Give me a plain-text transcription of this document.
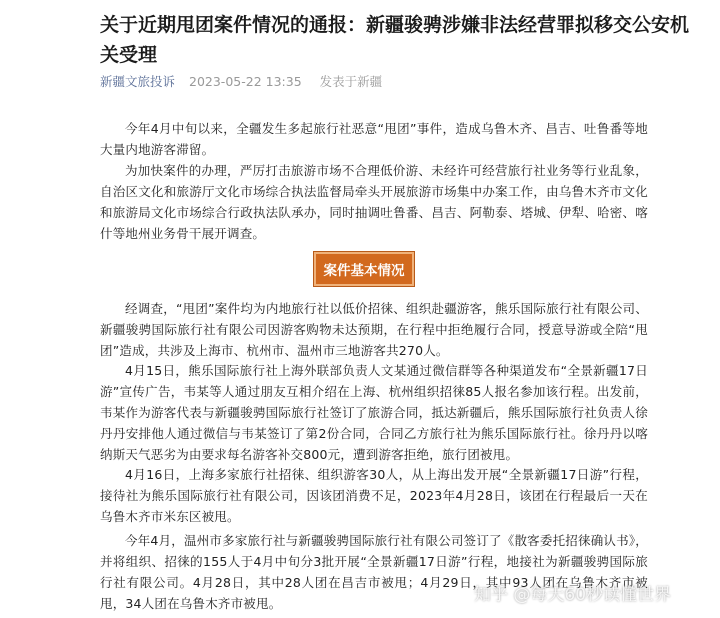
关于近期甩团案件情况的通报：新疆骏骋涉嫌非法经营罪拟移交公安机关受理
新疆文旅投诉 2023-05-22 13:35 发表于新疆
今年4月中旬以来，全疆发生多起旅行社恶意“甩团”事件，造成乌鲁木齐、昌吉、吐鲁番等地大量内地游客滞留。
为加快案件的办理，严厉打击旅游市场不合理低价游、未经许可经营旅行社业务等行业乱象，自治区文化和旅游厅文化市场综合执法监督局牵头开展旅游市场集中办案工作，由乌鲁木齐市文化和旅游局文化市场综合行政执法队承办，同时抽调吐鲁番、昌吉、阿勒泰、塔城、伊犁、哈密、喀什等地州业务骨干展开调查。
案件基本情况
经调查，“甩团”案件均为内地旅行社以低价招徕、组织赴疆游客，熊乐国际旅行社有限公司、新疆骏骋国际旅行社有限公司因游客购物未达预期，在行程中拒绝履行合同，授意导游或全陪“甩团”造成，共涉及上海市、杭州市、温州市三地游客共270人。
4月15日，熊乐国际旅行社上海外联部负责人文某通过微信群等各种渠道发布“全景新疆17日游”宣传广告，韦某等人通过朋友互相介绍在上海、杭州组织招徕85人报名参加该行程。出发前，韦某作为游客代表与新疆骏骋国际旅行社签订了旅游合同，抵达新疆后，熊乐国际旅行社负责人徐丹丹安排他人通过微信与韦某签订了第2份合同，合同乙方旅行社为熊乐国际旅行社。徐丹丹以喀纳斯天气恶劣为由要求每名游客补交800元，遭到游客拒绝，旅行团被甩。
4月16日，上海多家旅行社招徕、组织游客30人，从上海出发开展“全景新疆17日游”行程，接待社为熊乐国际旅行社有限公司，因该团消费不足，2023年4月28日，该团在行程最后一天在乌鲁木齐市米东区被甩。
今年4月，温州市多家旅行社与新疆骏骋国际旅行社有限公司签订了《散客委托招徕确认书》，并将组织、招徕的155人于4月中旬分3批开展“全景新疆17日游”行程，地接社为新疆骏骋国际旅行社有限公司。4月28日，其中28人团在昌吉市被甩；4月29日，其中93人团在乌鲁木齐市被甩，34人团在乌鲁木齐市被甩。	知乎 @每天60秒读懂世界
